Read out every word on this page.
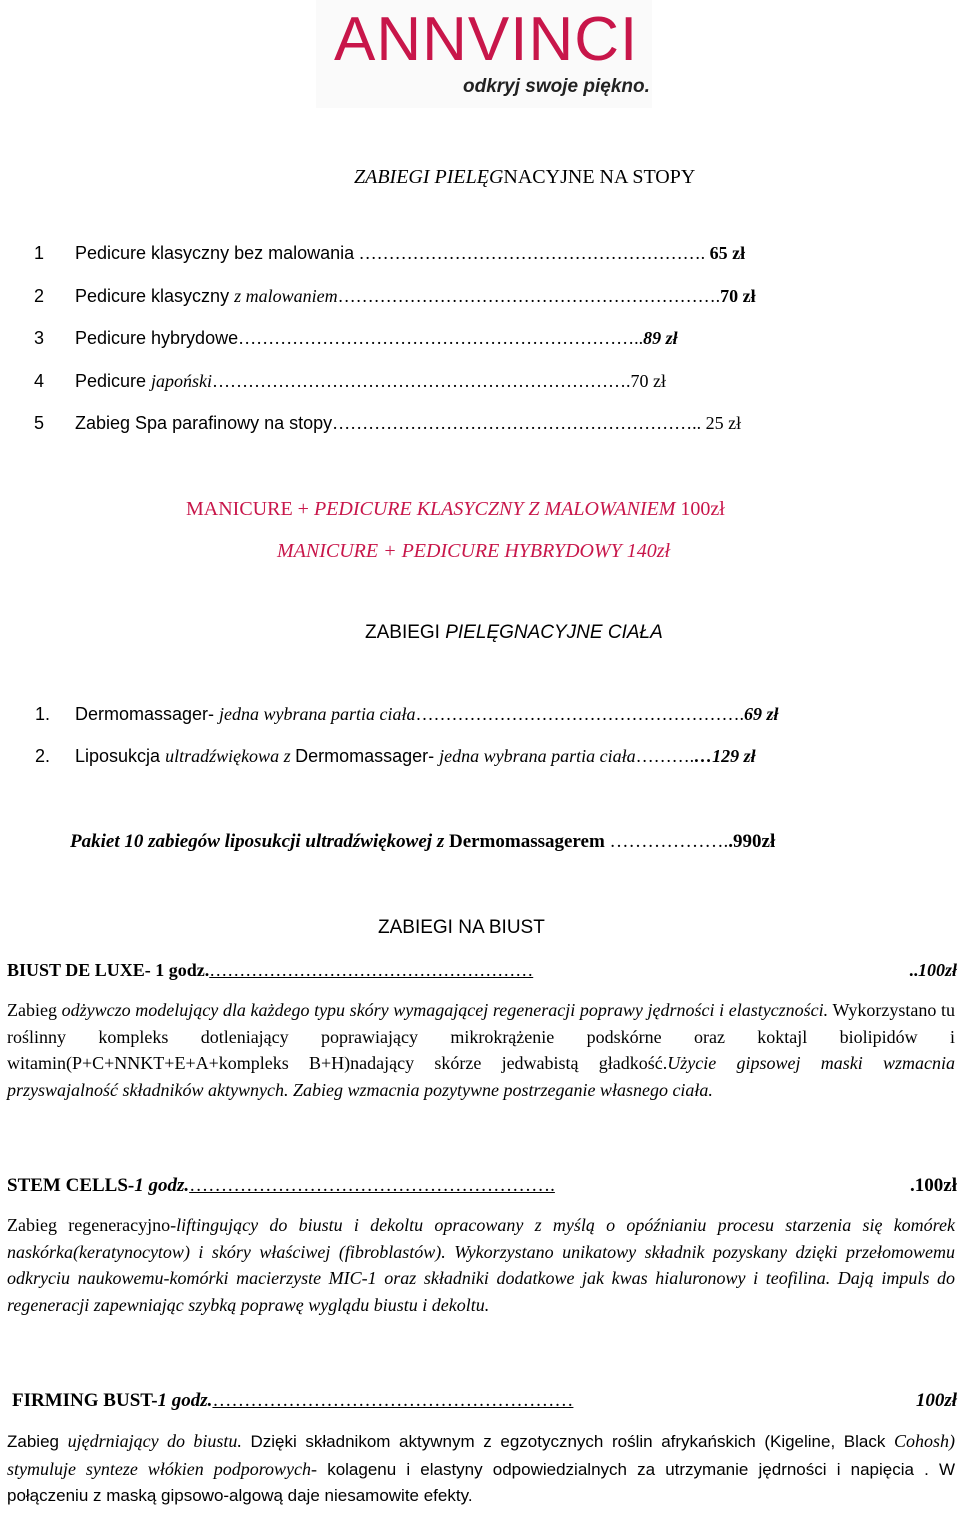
ANNVINCI
odkryj swoje piękno.
ZABIEGI PIELĘGNACYJNE NA STOPY
1 Pedicure klasyczny bez malowania …………………………………………………. 65 zł
2 Pedicure klasyczny z malowaniem……………………………………………………….70 zł
3 Pedicure hybrydowe…………………………………………………………..89 zł
4 Pedicure japoński…………………………………………………………….70 zł
5 Zabieg Spa parafinowy na stopy…………………………………………………….. 25 zł
MANICURE + PEDICURE KLASYCZNY Z MALOWANIEM 100zł
MANICURE + PEDICURE HYBRYDOWY 140zł
ZABIEGI PIELĘGNACYJNE CIAŁA
1. Dermomassager- jedna wybrana partia ciała……………………………………………….69 zł
2. Liposukcja ultradźwiękowa z Dermomassager- jedna wybrana partia ciała……….…129 zł
Pakiet 10 zabiegów liposukcji ultradźwiękowej z Dermomassagerem ………………..990zł
ZABIEGI NA BIUST
BIUST DE LUXE- 1 godz. ………………………………………………	.. 100zł
Zabieg odżywczo modelujący dla każdego typu skóry wymagającej regeneracji poprawy jędrności i elastyczności. Wykorzystano tu roślinny kompleks dotleniający poprawiający mikrokrążenie podskórne oraz koktajl biolipidów i witamin(P+C+NNKT+E+A+kompleks B+H)nadający skórze jedwabistą gładkość.Użycie gipsowej maski wzmacnia przyswajalność składników aktywnych. Zabieg wzmacnia pozytywne postrzeganie własnego ciała.
STEM CELLS- 1 godz. ………………………………………………….	.100zł
Zabieg regeneracyjno-liftingujący do biustu i dekoltu opracowany z myślą o opóźnianiu procesu starzenia się komórek naskórka(keratynocytow) i skóry właściwej (fibroblastów). Wykorzystano unikatowy składnik pozyskany dzięki przełomowemu odkryciu naukowemu-komórki macierzyste MIC-1 oraz składniki dodatkowe jak kwas hialuronowy i teofilina. Dają impuls do regeneracji zapewniając szybką poprawę wyglądu biustu i dekoltu.
FIRMING BUST- 1 godz. …………………………………………………	100zł
Zabieg ujędrniający do biustu. Dzięki składnikom aktywnym z egzotycznych roślin afrykańskich (Kigeline, Black Cohosh) stymuluje synteze włókien podporowych- kolagenu i elastyny odpowiedzialnych za utrzymanie jędrności i napięcia . W połączeniu z maską gipsowo-algową daje niesamowite efekty.
